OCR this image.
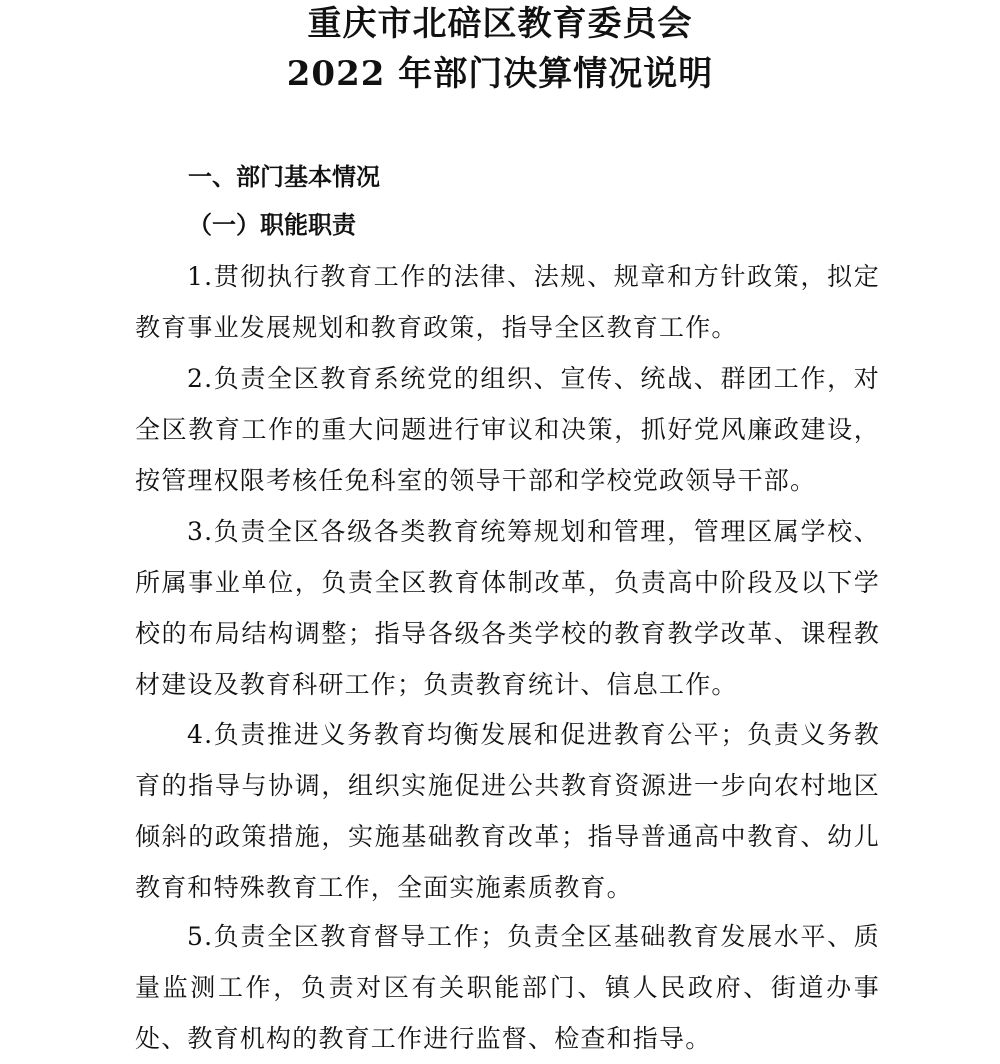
重庆市北碚区教育委员会
2022 年部门决算情况说明
一、部门基本情况
（一）职能职责

1.贯彻执行教育工作的法律、法规、规章和方针政策，拟定教育事业发展规划和教育政策，指导全区教育工作。

2.负责全区教育系统党的组织、宣传、统战、群团工作，对全区教育工作的重大问题进行审议和决策，抓好党风廉政建设，按管理权限考核任免科室的领导干部和学校党政领导干部。

3.负责全区各级各类教育统筹规划和管理，管理区属学校、所属事业单位，负责全区教育体制改革，负责高中阶段及以下学校的布局结构调整；指导各级各类学校的教育教学改革、课程教材建设及教育科研工作；负责教育统计、信息工作。

4.负责推进义务教育均衡发展和促进教育公平；负责义务教育的指导与协调，组织实施促进公共教育资源进一步向农村地区倾斜的政策措施，实施基础教育改革；指导普通高中教育、幼儿教育和特殊教育工作，全面实施素质教育。

5.负责全区教育督导工作；负责全区基础教育发展水平、质量监测工作，负责对区有关职能部门、镇人民政府、街道办事处、教育机构的教育工作进行监督、检查和指导。
